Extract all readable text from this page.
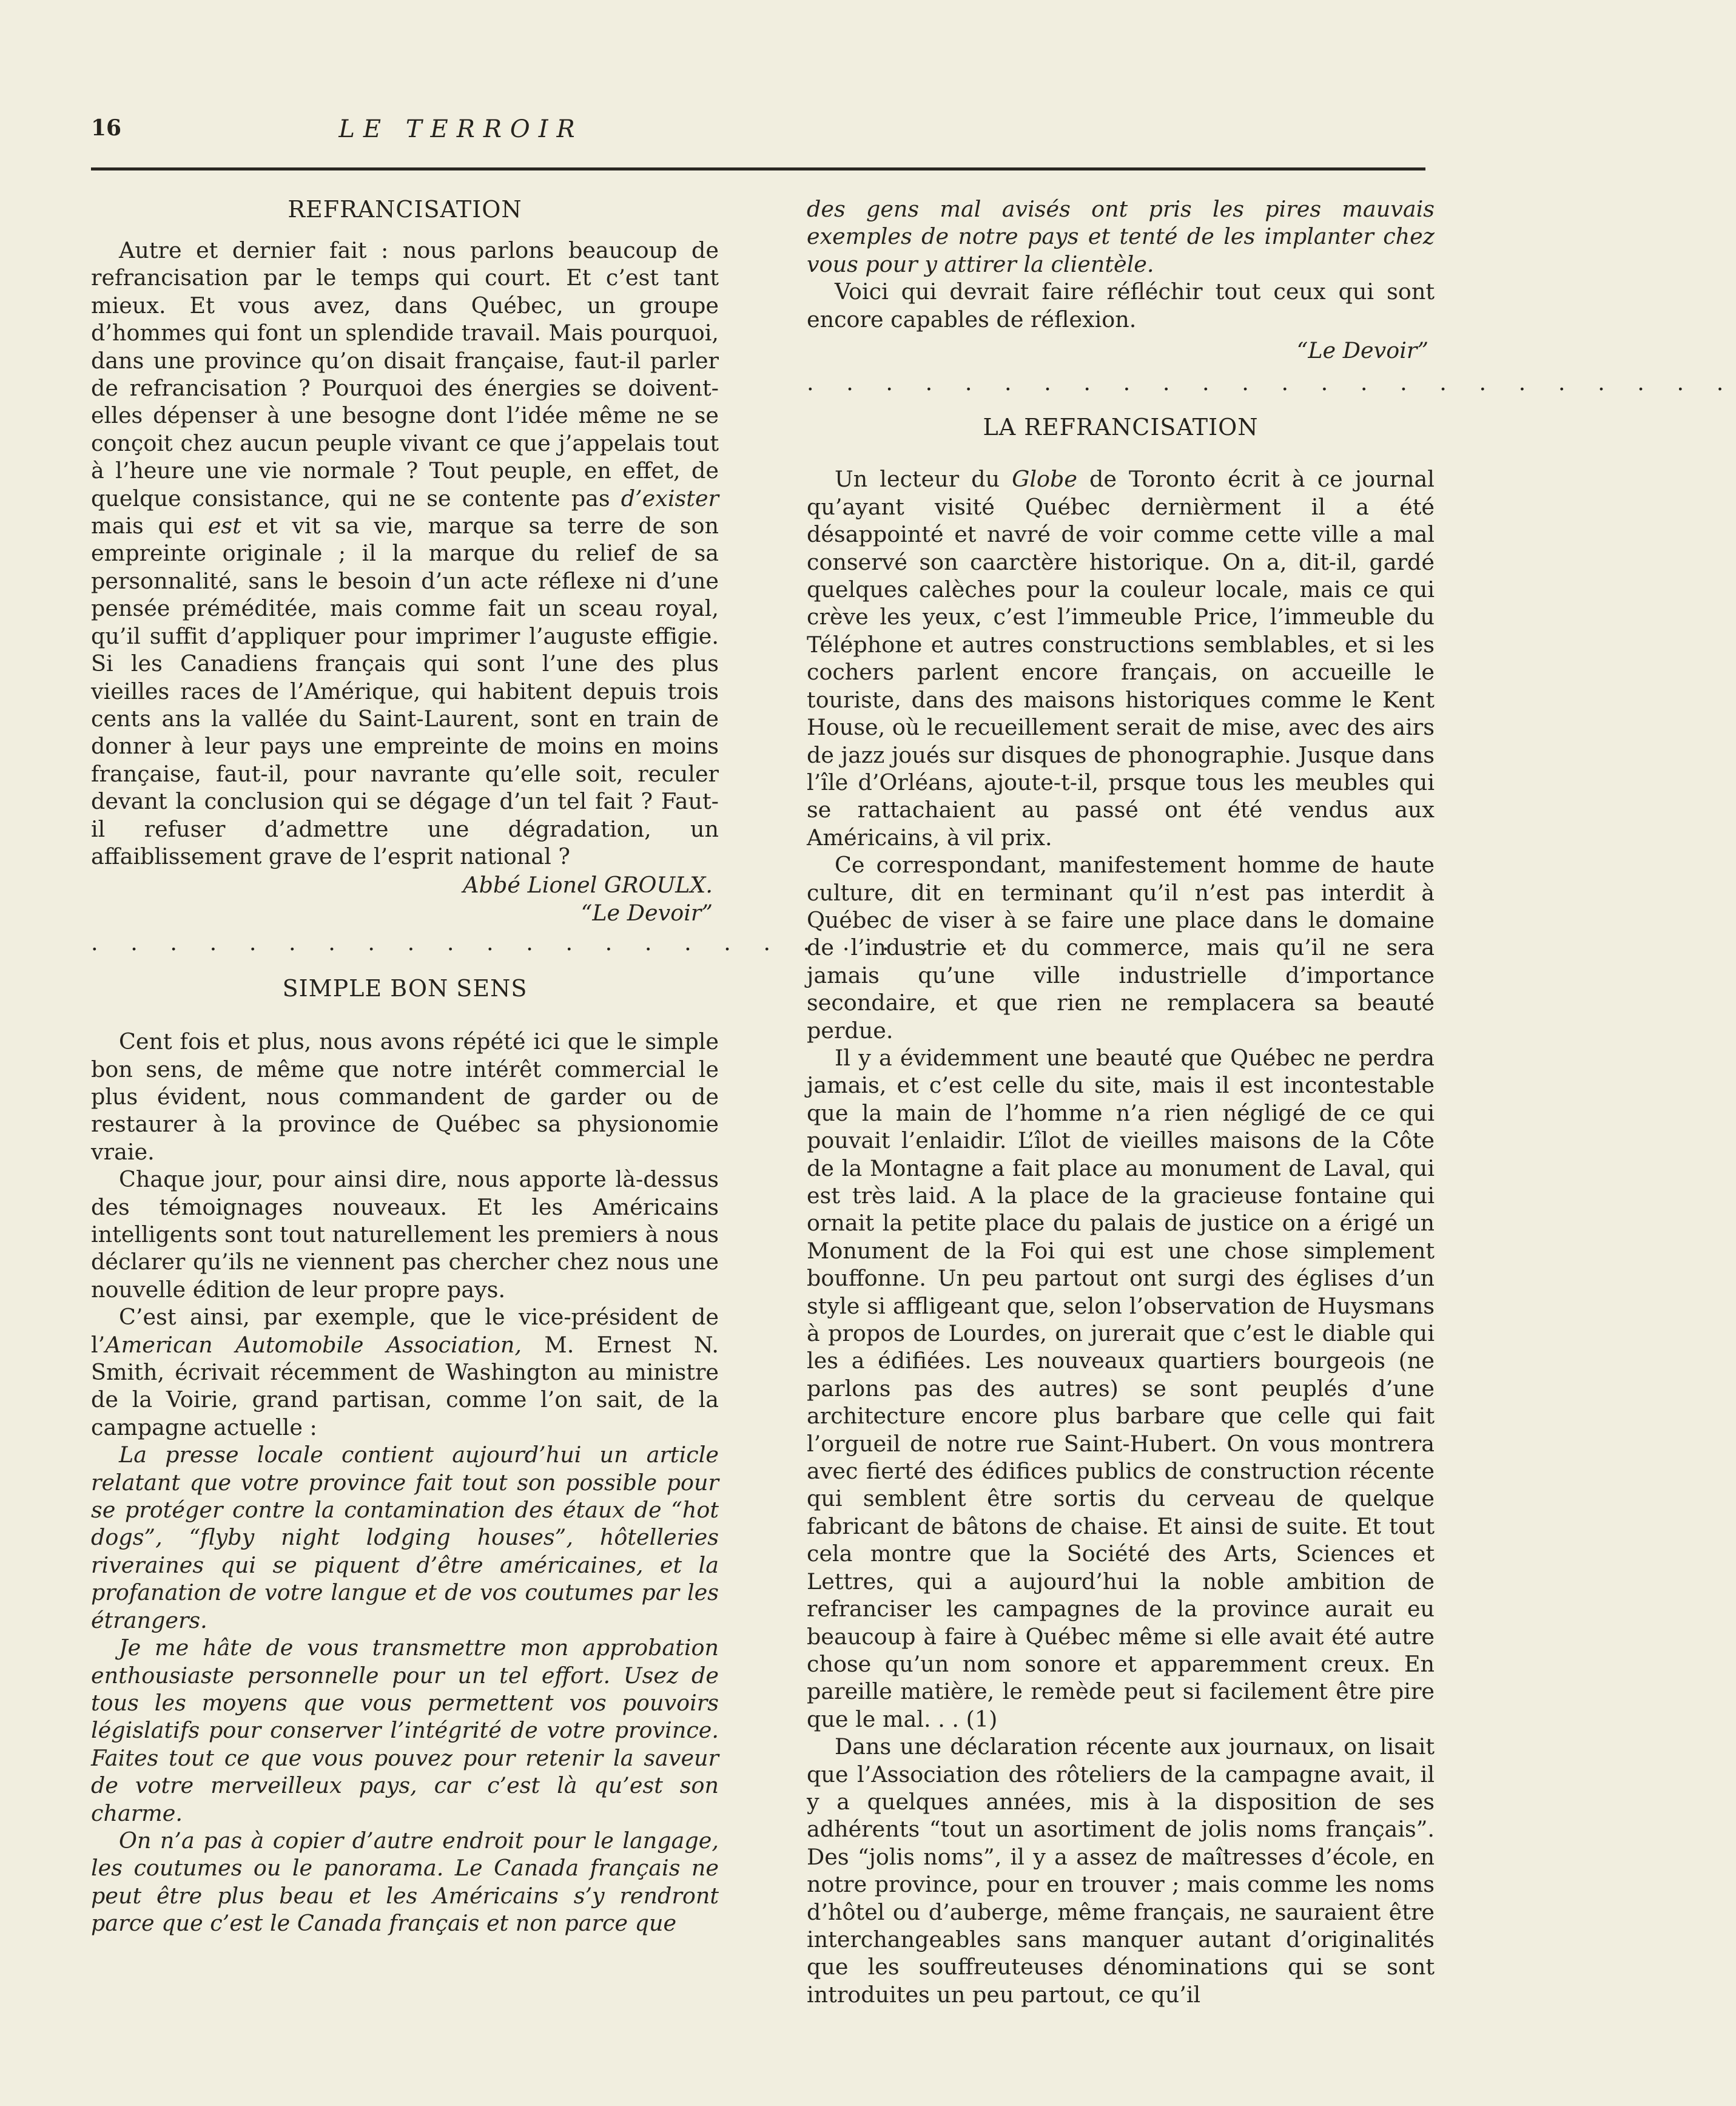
16	LE TERROIR
REFRANCISATION

Autre et dernier fait : nous parlons beaucoup de refrancisation par le temps qui court. Et c’est tant mieux. Et vous avez, dans Québec, un groupe d’hommes qui font un splendide travail. Mais pourquoi, dans une province qu’on disait française, faut-il parler de refrancisation ? Pourquoi des énergies se doivent-elles dépenser à une besogne dont l’idée même ne se conçoit chez aucun peuple vivant ce que j’appelais tout à l’heure une vie normale ? Tout peuple, en effet, de quelque consistance, qui ne se contente pas d’exister mais qui est et vit sa vie, marque sa terre de son empreinte originale ; il la marque du relief de sa personnalité, sans le besoin d’un acte réflexe ni d’une pensée préméditée, mais comme fait un sceau royal, qu’il suffit d’appliquer pour imprimer l’auguste effigie. Si les Canadiens français qui sont l’une des plus vieilles races de l’Amérique, qui habitent depuis trois cents ans la vallée du Saint-Laurent, sont en train de donner à leur pays une empreinte de moins en moins française, faut-il, pour navrante qu’elle soit, reculer devant la conclusion qui se dégage d’un tel fait ? Faut-il refuser d’admettre une dégradation, un affaiblissement grave de l’esprit national ?

Abbé Lionel GROULX.

“Le Devoir”

. . . . . . . . . . . . . . . . . . . . . . . .

SIMPLE BON SENS

Cent fois et plus, nous avons répété ici que le simple bon sens, de même que notre intérêt commercial le plus évident, nous commandent de garder ou de restaurer à la province de Québec sa physionomie vraie.

Chaque jour, pour ainsi dire, nous apporte là-dessus des témoignages nouveaux. Et les Américains intelligents sont tout naturellement les premiers à nous déclarer qu’ils ne viennent pas chercher chez nous une nouvelle édition de leur propre pays.

C’est ainsi, par exemple, que le vice-président de l’American Automobile Association, M. Ernest N. Smith, écrivait récemment de Washington au ministre de la Voirie, grand partisan, comme l’on sait, de la campagne actuelle :

La presse locale contient aujourd’hui un article relatant que votre province fait tout son possible pour se protéger contre la contamination des étaux de “hot dogs”, “flyby night lodging houses”, hôtelleries riveraines qui se piquent d’être américaines, et la profanation de votre langue et de vos coutumes par les étrangers.

Je me hâte de vous transmettre mon approbation enthousiaste personnelle pour un tel effort. Usez de tous les moyens que vous permettent vos pouvoirs législatifs pour conserver l’intégrité de votre province. Faites tout ce que vous pouvez pour retenir la saveur de votre merveilleux pays, car c’est là qu’est son charme.

On n’a pas à copier d’autre endroit pour le langage, les coutumes ou le panorama. Le Canada français ne peut être plus beau et les Américains s’y rendront parce que c’est le Canada français et non parce que

des gens mal avisés ont pris les pires mauvais exemples de notre pays et tenté de les implanter chez vous pour y attirer la clientèle.

Voici qui devrait faire réfléchir tout ceux qui sont encore capables de réflexion.

“Le Devoir”

. . . . . . . . . . . . . . . . . . . . . . . .

LA REFRANCISATION

Un lecteur du Globe de Toronto écrit à ce journal qu’ayant visité Québec dernièrment il a été désappointé et navré de voir comme cette ville a mal conservé son caarctère historique. On a, dit-il, gardé quelques calèches pour la couleur locale, mais ce qui crève les yeux, c’est l’immeuble Price, l’immeuble du Téléphone et autres constructions semblables, et si les cochers parlent encore français, on accueille le touriste, dans des maisons historiques comme le Kent House, où le recueillement serait de mise, avec des airs de jazz joués sur disques de phonographie. Jusque dans l’île d’Orléans, ajoute-t-il, prsque tous les meubles qui se rattachaient au passé ont été vendus aux Américains, à vil prix.

Ce correspondant, manifestement homme de haute culture, dit en terminant qu’il n’est pas interdit à Québec de viser à se faire une place dans le domaine de l’industrie et du commerce, mais qu’il ne sera jamais qu’une ville industrielle d’importance secondaire, et que rien ne remplacera sa beauté perdue.

Il y a évidemment une beauté que Québec ne perdra jamais, et c’est celle du site, mais il est incontestable que la main de l’homme n’a rien négligé de ce qui pouvait l’enlaidir. L’îlot de vieilles maisons de la Côte de la Montagne a fait place au monument de Laval, qui est très laid. A la place de la gracieuse fontaine qui ornait la petite place du palais de justice on a érigé un Monument de la Foi qui est une chose simplement bouffonne. Un peu partout ont surgi des églises d’un style si affligeant que, selon l’observation de Huysmans à propos de Lourdes, on jurerait que c’est le diable qui les a édifiées. Les nouveaux quartiers bourgeois (ne parlons pas des autres) se sont peuplés d’une architecture encore plus barbare que celle qui fait l’orgueil de notre rue Saint-Hubert. On vous montrera avec fierté des édifices publics de construction récente qui semblent être sortis du cerveau de quelque fabricant de bâtons de chaise. Et ainsi de suite. Et tout cela montre que la Société des Arts, Sciences et Lettres, qui a aujourd’hui la noble ambition de refranciser les campagnes de la province aurait eu beaucoup à faire à Québec même si elle avait été autre chose qu’un nom sonore et apparemment creux. En pareille matière, le remède peut si facilement être pire que le mal. . . (1)

Dans une déclaration récente aux journaux, on lisait que l’Association des rôteliers de la campagne avait, il y a quelques années, mis à la disposition de ses adhérents “tout un asortiment de jolis noms français”. Des “jolis noms”, il y a assez de maîtresses d’école, en notre province, pour en trouver ; mais comme les noms d’hôtel ou d’auberge, même français, ne sauraient être interchangeables sans manquer autant d’originalités que les souffreuteuses dénominations qui se sont introduites un peu partout, ce qu’il
